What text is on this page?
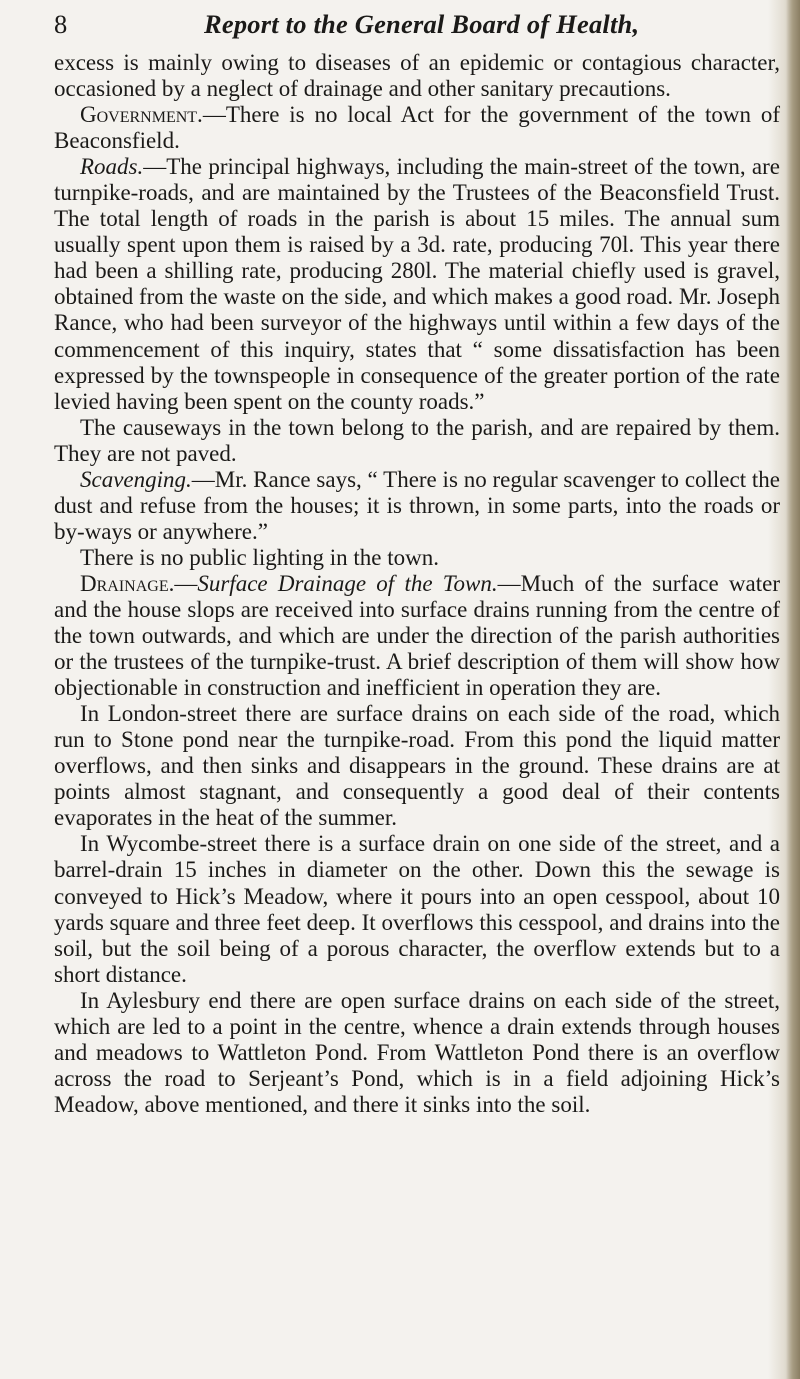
8	Report to the General Board of Health,

excess is mainly owing to diseases of an epidemic or contagious character, occasioned by a neglect of drainage and other sanitary precautions.

Government.—There is no local Act for the government of the town of Beaconsfield.

Roads.—The principal highways, including the main-street of the town, are turnpike-roads, and are maintained by the Trustees of the Beaconsfield Trust. The total length of roads in the parish is about 15 miles. The annual sum usually spent upon them is raised by a 3d. rate, producing 70l. This year there had been a shilling rate, producing 280l. The material chiefly used is gravel, obtained from the waste on the side, and which makes a good road. Mr. Joseph Rance, who had been surveyor of the highways until within a few days of the commencement of this inquiry, states that “ some dissatisfaction has been expressed by the townspeople in consequence of the greater portion of the rate levied having been spent on the county roads.”

The causeways in the town belong to the parish, and are repaired by them. They are not paved.

Scavenging.—Mr. Rance says, “ There is no regular scavenger to collect the dust and refuse from the houses; it is thrown, in some parts, into the roads or by-ways or anywhere.”

There is no public lighting in the town.

Drainage.—Surface Drainage of the Town.—Much of the surface water and the house slops are received into surface drains running from the centre of the town outwards, and which are under the direction of the parish authorities or the trustees of the turnpike-trust. A brief description of them will show how objectionable in construction and inefficient in operation they are.

In London-street there are surface drains on each side of the road, which run to Stone pond near the turnpike-road. From this pond the liquid matter overflows, and then sinks and disappears in the ground. These drains are at points almost stagnant, and consequently a good deal of their contents evaporates in the heat of the summer.

In Wycombe-street there is a surface drain on one side of the street, and a barrel-drain 15 inches in diameter on the other. Down this the sewage is conveyed to Hick’s Meadow, where it pours into an open cesspool, about 10 yards square and three feet deep. It overflows this cesspool, and drains into the soil, but the soil being of a porous character, the overflow extends but to a short distance.

In Aylesbury end there are open surface drains on each side of the street, which are led to a point in the centre, whence a drain extends through houses and meadows to Wattleton Pond. From Wattleton Pond there is an overflow across the road to Serjeant’s Pond, which is in a field adjoining Hick’s Meadow, above mentioned, and there it sinks into the soil.
